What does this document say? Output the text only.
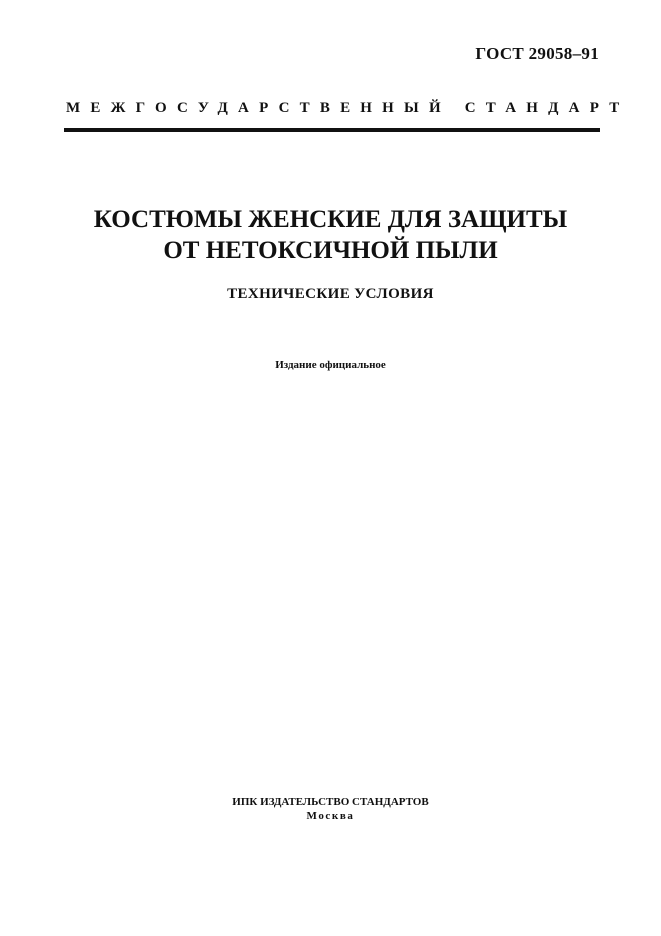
ГОСТ 29058–91
МЕЖГОСУДАРСТВЕННЫЙ СТАНДАРТ
КОСТЮМЫ ЖЕНСКИЕ ДЛЯ ЗАЩИТЫ
ОТ НЕТОКСИЧНОЙ ПЫЛИ
ТЕХНИЧЕСКИЕ УСЛОВИЯ
Издание официальное
ИПК ИЗДАТЕЛЬСТВО СТАНДАРТОВ
Москва
